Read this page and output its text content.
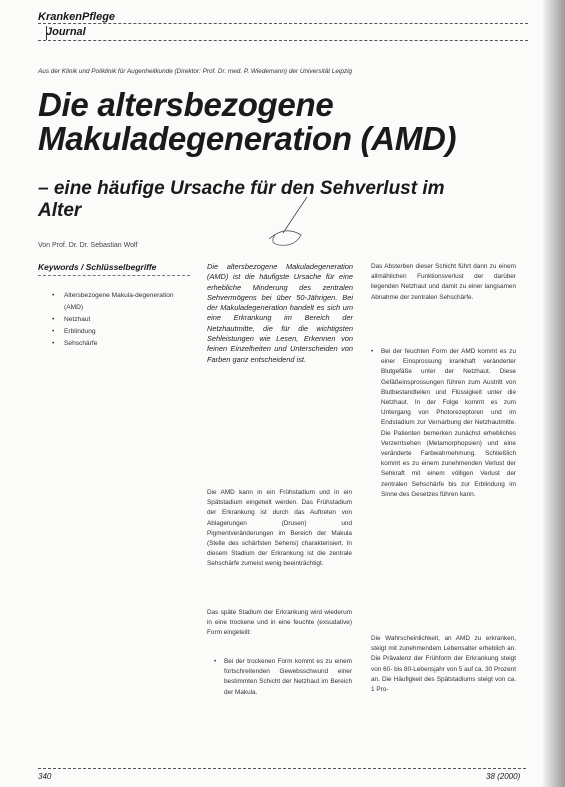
KrankenPflege
Journal
Aus der Klinik und Poliklinik für Augenheilkunde (Direktor: Prof. Dr. med. P. Wiedemann) der Universität Leipzig
Die altersbezogene Makuladegeneration (AMD)
– eine häufige Ursache für den Sehverlust im Alter
Von Prof. Dr. Dr. Sebastian Wolf
Keywords / Schlüsselbegriffe
• Altersbezogene Makula-degeneration (AMD)
• Netzhaut
• Erblindung
• Sehschärfe

Die altersbezogene Makuladegeneration (AMD) ist die häufigste Ursache für eine erhebliche Minderung des zentralen Sehvermögens bei über 50-Jährigen. Bei der Makuladegeneration handelt es sich um eine Erkrankung im Bereich der Netzhautmitte, die für die wichtigsten Sehleistungen wie Lesen, Erkennen von feinen Einzelheiten und Unterscheiden von Farben ganz entscheidend ist.

Die AMD kann in ein Frühstadium und in ein Spätstadium eingeteilt werden. Das Frühstadium der Erkrankung ist durch das Auftreten von Ablagerungen (Drusen) und Pigmentveränderungen im Bereich der Makula (Stelle des schärfsten Sehens) charakterisiert. In diesem Stadium der Erkrankung ist die zentrale Sehschärfe zumeist wenig beeinträchtigt.

Das späte Stadium der Erkrankung wird wiederum in eine trockene und in eine feuchte (exsudative) Form eingeteilt:

• Bei der trockenen Form kommt es zu einem fortschreitenden Gewebsschwund einer bestimmten Schicht der Netzhaut im Bereich der Makula.

Das Absterben dieser Schicht führt dann zu einem allmählichen Funktionsverlust der darüber liegenden Netzhaut und damit zu einer langsamen Abnahme der zentralen Sehschärfe.

• Bei der feuchten Form der AMD kommt es zu einer Einsprossung krankhaft veränderter Blutgefäße unter der Netzhaut. Diese Gefäßeinsprossungen führen zum Austritt von Blutbestandteilen und Flüssigkeit unter die Netzhaut. In der Folge kommt es zum Untergang von Photorezeptoren und im Endstadium zur Vernarbung der Netzhautmitte. Die Patienten bemerken zunächst erhebliches Verzerrtsehen (Metamorphopsien) und eine veränderte Farbwahrnehmung. Schließlich kommt es zu einem zunehmenden Verlust der Sehkraft mit einem völligen Verlust der zentralen Sehschärfe bis zur Erblindung im Sinne des Gesetzes führen kann.

Die Wahrscheinlichkeit, an AMD zu erkranken, steigt mit zunehmendem Lebensalter erheblich an. Die Prävalenz der Frühform der Erkrankung steigt von 60- bis 80-Lebensjahr von 5 auf ca. 30 Prozent an. Die Häufigkeit des Spätstadiums steigt von ca. 1 Pro-

340	38 (2000)
